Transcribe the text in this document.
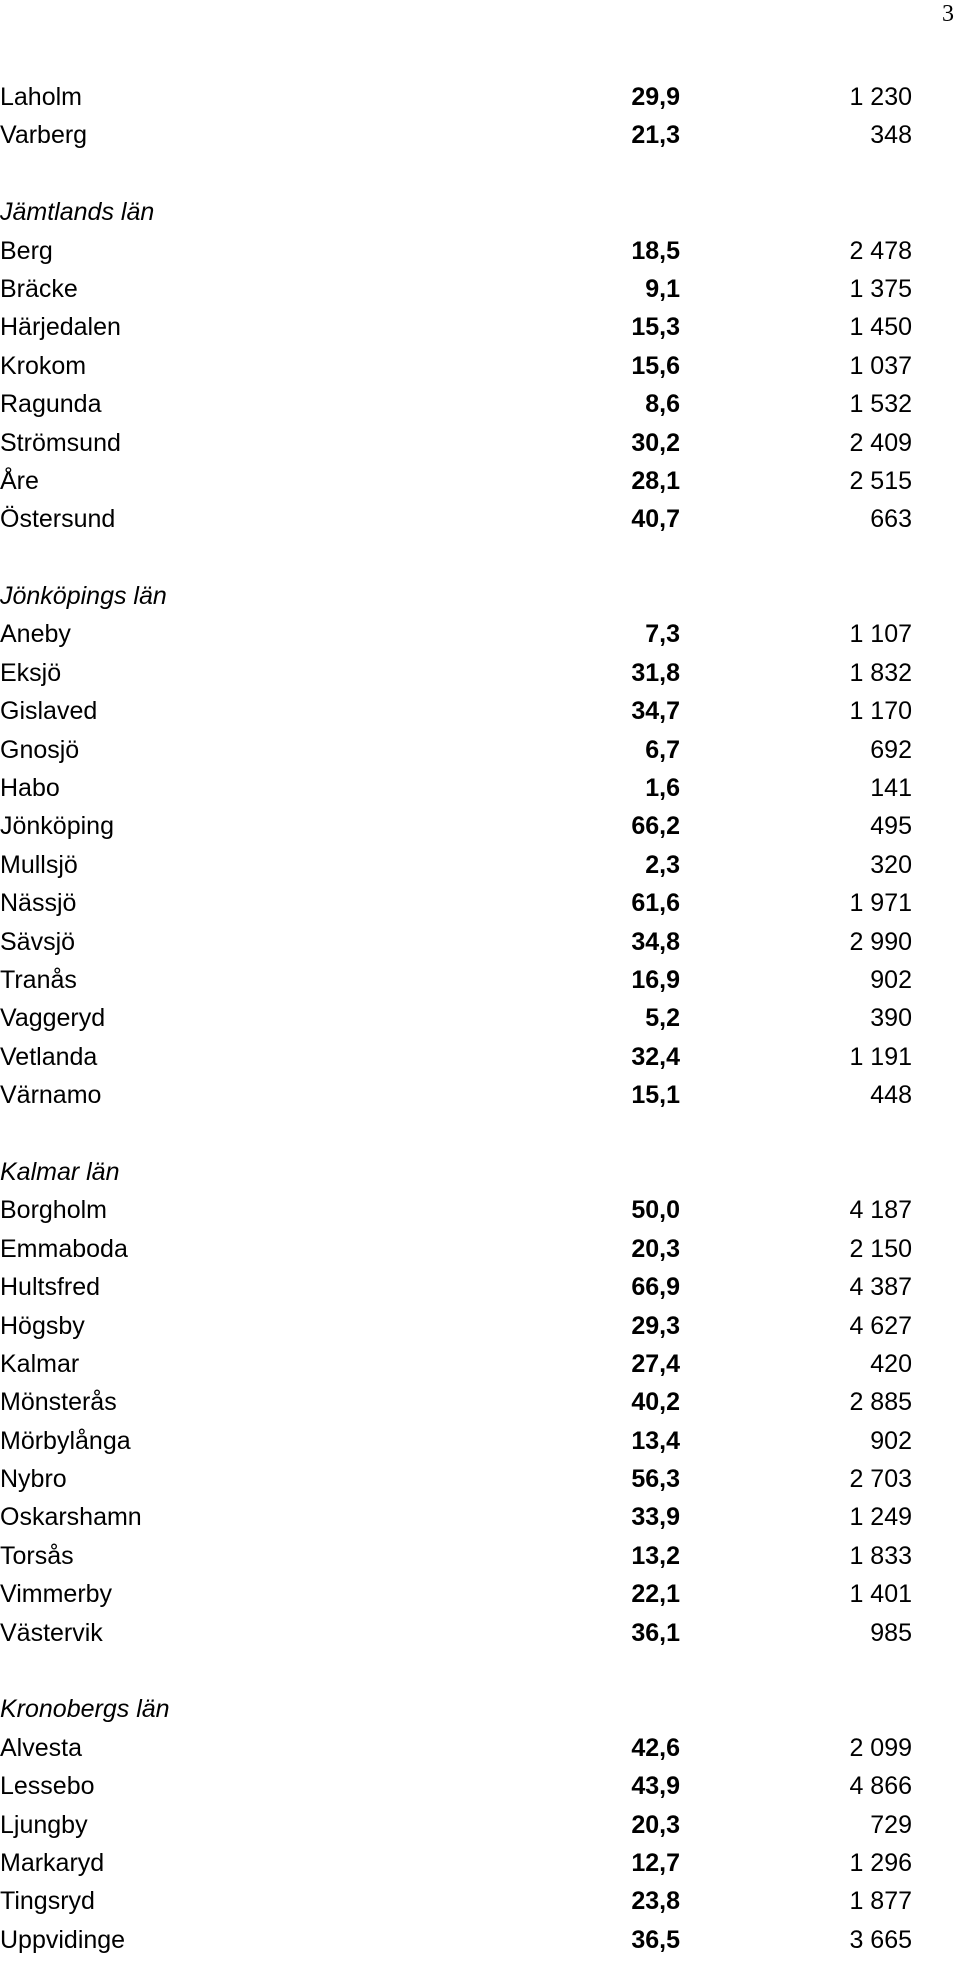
3
Laholm	29,9	1 230
Varberg	21,3	348
Jämtlands län
Berg	18,5	2 478
Bräcke	9,1	1 375
Härjedalen	15,3	1 450
Krokom	15,6	1 037
Ragunda	8,6	1 532
Strömsund	30,2	2 409
Åre	28,1	2 515
Östersund	40,7	663
Jönköpings län
Aneby	7,3	1 107
Eksjö	31,8	1 832
Gislaved	34,7	1 170
Gnosjö	6,7	692
Habo	1,6	141
Jönköping	66,2	495
Mullsjö	2,3	320
Nässjö	61,6	1 971
Sävsjö	34,8	2 990
Tranås	16,9	902
Vaggeryd	5,2	390
Vetlanda	32,4	1 191
Värnamo	15,1	448
Kalmar län
Borgholm	50,0	4 187
Emmaboda	20,3	2 150
Hultsfred	66,9	4 387
Högsby	29,3	4 627
Kalmar	27,4	420
Mönsterås	40,2	2 885
Mörbylånga	13,4	902
Nybro	56,3	2 703
Oskarshamn	33,9	1 249
Torsås	13,2	1 833
Vimmerby	22,1	1 401
Västervik	36,1	985
Kronobergs län
Alvesta	42,6	2 099
Lessebo	43,9	4 866
Ljungby	20,3	729
Markaryd	12,7	1 296
Tingsryd	23,8	1 877
Uppvidinge	36,5	3 665
